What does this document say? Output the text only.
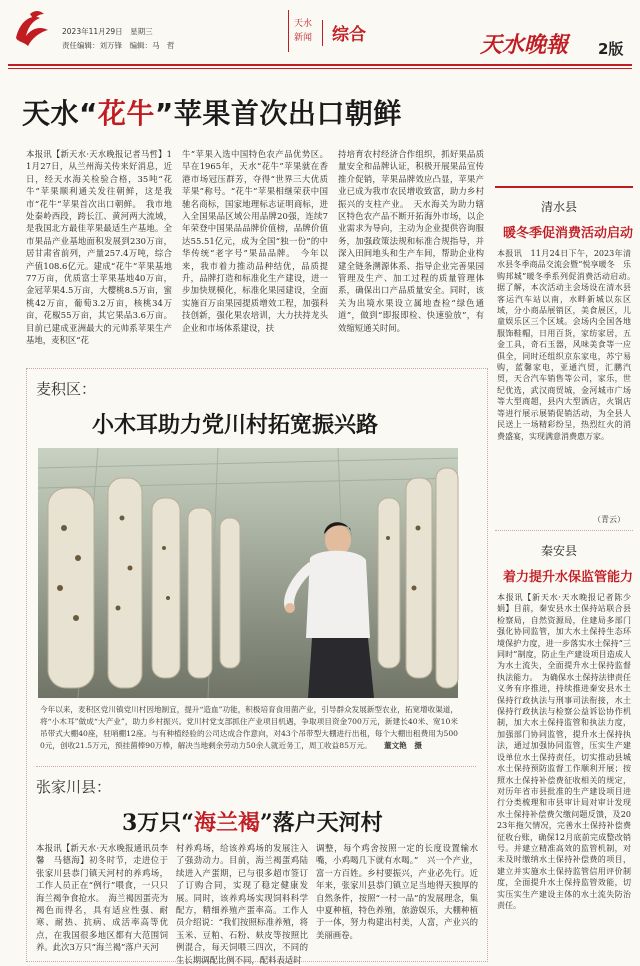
2023年11月29日　星期三
责任编辑：刘万锋　编辑：马　哲
天水
新闻 综合	天水晚報 2版
天水“花牛”苹果首次出口朝鲜
本报讯【新天水·天水晚报记者马哲】11月27日，从兰州海关传来好消息，近日，经天水海关检验合格，35吨“花牛”苹果顺利通关发往朝鲜，这是我市“花牛”苹果首次出口朝鲜。　我市地处秦岭西段，跨长江、黄河两大流域，是我国北方最佳苹果最适生产基地。全市果品产业基地面积发展到230万亩，居甘肃省前列，产量257.4万吨，综合产值108.6亿元。建成“花牛”苹果基地77万亩，优质富士苹果基地40万亩，金冠苹果4.5万亩，大樱桃8.5万亩，蜜桃42万亩，葡萄3.2万亩，核桃34万亩，花椒55万亩，其它果品3.6万亩。目前已建成亚洲最大的元帅系苹果生产基地，麦积区“花
牛”苹果入选中国特色农产品优势区。早在1965年，天水“花牛”苹果就在香港市场冠压群芳，夺得“世界三大优质苹果”称号。“花牛”苹果相继荣获中国驰名商标，国家地理标志证明商标，进入全国果品区域公用品牌20强，连续7年荣登中国果品品牌价值榜，品牌价值达55.51亿元，成为全国“独一份”的中华传统“老字号”果品品牌。　今年以来，我市着力推动品种结优，品质提升，品牌打造和标准化生产建设，进一步加快规模化，标准化果园建设，全面实施百万亩果园提质增效工程，加强科技创新，强化果农培训，大力扶持龙头企业和市场体系建设，扶
持培育农村经济合作组织，抓好果品质量安全和品牌认证，积极开展果品宣传推介促销，苹果品牌效应凸显，苹果产业已成为我市农民增收致富，助力乡村振兴的支柱产业。　天水海关为助力辖区特色农产品不断开拓海外市场，以企业需求为导向，主动为企业提供咨询服务，加强政策法规和标准合规指导，并深入田间地头和生产车间，帮助企业构建全链条溯源体系、指导企业完善果园管理及生产、加工过程的质量管理体系，确保出口产品质量安全。同时，该关为出境水果设立属地查检“绿色通道”，做到“即报即检、快速验放”，有效缩短通关时间。
麦积区：
小木耳助力党川村拓宽振兴路
今年以来，麦积区党川镇党川村因地制宜，提升“造血”功能，积极培育食用菌产业，引导群众发展新型农业，拓宽增收渠道，将“小木耳”做成“大产业”，助力乡村振兴。党川村党支部抓住产业项目机遇，争取项目资金700万元，新建长40米、宽10米吊带式大棚40座，驻哨棚12座。与有种植经验的公司达成合作意向，对43个吊带型大棚进行出租，每个大棚出租费用为5000元，创收21.5万元，预挂菌棒90万棒，解决当地剩余劳动力50余人就近务工，周工收益85万元。	董文艳　摄
张家川县：
3万只“海兰褐”落户天河村
本报讯【新天水·天水晚报通讯员李馨　马德海】初冬时节，走进位于张家川县恭门镇天河村的养鸡场，工作人员正在“例行”喂食，一只只海兰褐争食抢水。　海兰褐因蛋壳为褐色而得名，具有适应性强、耐寒、耐热、抗病、成活率高等优点，在我国很多地区都有大范围饲养。此次3万只“海兰褐”落户天河
村养鸡场，给该养鸡场的发展注入了强劲动力。目前，海兰褐蛋鸡陆续进入产蛋期，已与很多超市签订了订购合同，实现了稳定健康发展。同时，该养鸡场实现饲料科学配方，精细养殖产蛋率高。工作人员介绍说：“我们按照标准养殖，将玉米、豆粕、石粉、麸皮等按照比例混合，每天饲喂三四次，不同的生长期调配比例不同，配料表适时
调整，每个鸡舍按照一定的长度设置输水嘴，小鸡喝几下就有水喝。”　兴一个产业，富一方百姓。乡村要振兴，产业必先行。近年来，张家川县恭门镇立足当地得天独厚的自然条件，按照“一村一品”的发展理念，集中夏种植，特色养殖，旅游娱乐，大棚种植于一体，努力构建出村美，人富，产业兴的美丽画卷。
清水县
暖冬季促消费活动启动
本报讯　11月24日下午，2023年清水县冬季商品交流会暨“悦享暖冬　乐购邦城”暖冬季系列促消费活动启动。　据了解，本次活动主会场设在清水县客运汽车站以南，水畔新城以东区域，分小商品展销区，美食展区，儿童娱乐区三个区域。会场内全国各地服饰鞋帽，日用百货，家纺家居，五金工具，奇石玉器，风味美食等一应俱全，同时还组织京东家电，苏宁易购，蓝馨家电，亚通汽贸，汇鹏汽贸，天合汽车销售等公司，家乐，世纪优选，武汉商贸城，金河城市广场等大型商超，县内大型酒店，火锅店等进行展示展销促销活动，为全县人民送上一场精彩纷呈，热烈红火的消费盛宴，实现满意消费惠万家。
（青云）
秦安县
着力提升水保监管能力
本报讯【新天水·天水晚报记者陈少娟】目前，秦安县水土保持站联合县检察局，自然资源局，住建局多部门强化协同监管，加大水土保持生态环境保护力度，进一步落实水土保持“三同时”制度，防止生产建设项目造成人为水土流失，全面提升水土保持监督执法能力。　为确保水土保持法律责任义务有序推进，持续推进秦安县水土保持行政执法与刑事司法衔接，水土保持行政执法与检察公益诉讼协作机制，加大水土保持监管和执法力度，加强部门协同监管，提升水土保持执法，通过加强协同监管，压实生产建设单位水土保持责任，切实推动县城水土保持预防监督工作顺利开展；按照水土保持补偿费征收相关的规定，对历年省市县批准的生产建设项目进行分类梳理和市县审计局对审计发现水土保持补偿费欠缴问题反馈，及2023年拖欠情况，完善水土保持补偿费征收台账，确保12月底前完成整改销号。并建立精准高效的监管机制，对未及时缴纳水土保持补偿费的项目，建立并实施水土保持监管信用评价制度，全面提升水土保持监管效能，切实压实生产建设主体的水土流失防治责任。
